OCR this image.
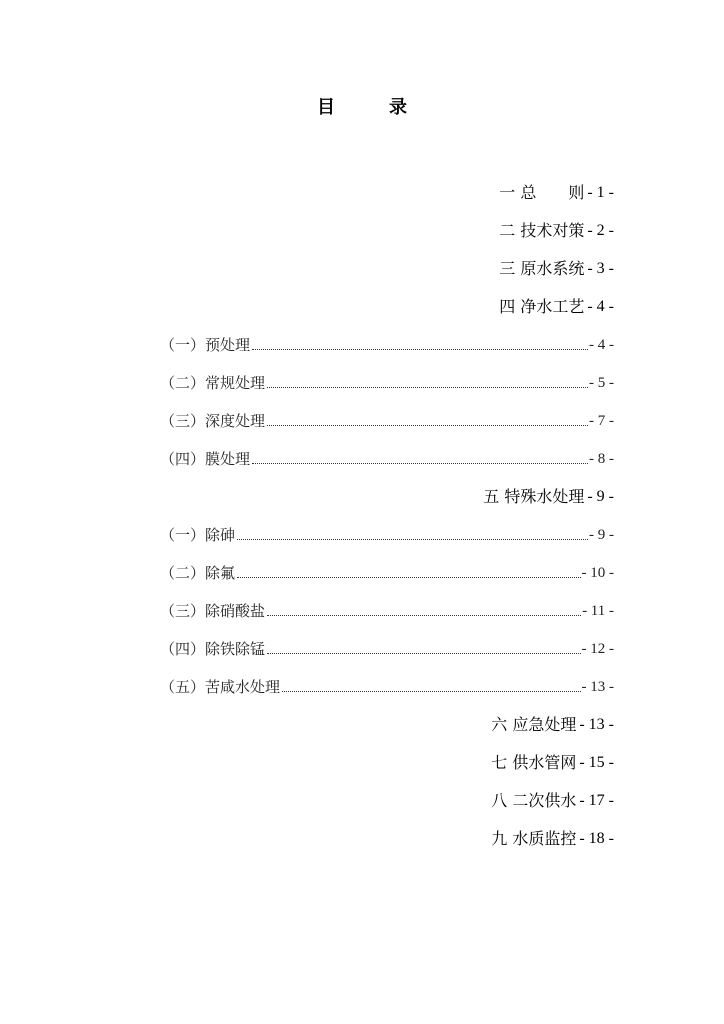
目　录
一 总　　则 - 1 -
二 技术对策 - 2 -
三 原水系统 - 3 -
四 净水工艺 - 4 -
（一）预处理	- 4 -
（二）常规处理	- 5 -
（三）深度处理	- 7 -
（四）膜处理	- 8 -
五 特殊水处理 - 9 -
（一）除砷	- 9 -
（二）除氟	- 10 -
（三）除硝酸盐	- 11 -
（四）除铁除锰	- 12 -
（五）苦咸水处理	- 13 -
六 应急处理 - 13 -
七 供水管网 - 15 -
八 二次供水 - 17 -
九 水质监控 - 18 -
